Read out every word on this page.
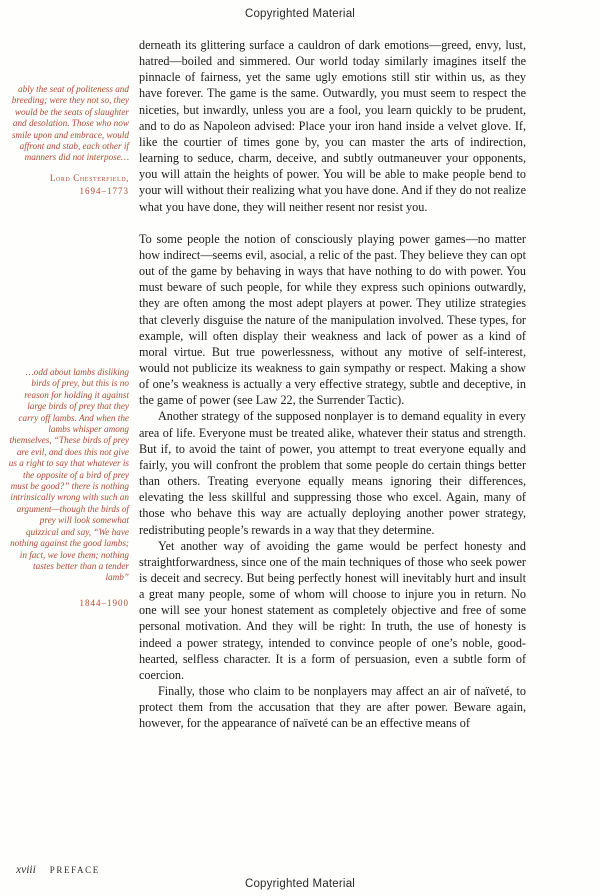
Copyrighted Material
ably the seat of politeness and breeding; were they not so, they would be the seats of slaughter and desolation. Those who now smile upon and embrace, would affront and stab, each other if manners did not interpose…
Lord Chesterfield,
1694–1773
…odd about lambs disliking birds of prey, but this is no reason for holding it against large birds of prey that they carry off lambs. And when the lambs whisper among themselves, “These birds of prey are evil, and does this not give us a right to say that whatever is the opposite of a bird of prey must be good?” there is nothing intrinsically wrong with such an argument—though the birds of prey will look somewhat quizzical and say, “We have nothing against the good lambs; in fact, we love them; nothing tastes better than a tender lamb”
1844–1900

derneath its glittering surface a cauldron of dark emotions—greed, envy, lust, hatred—boiled and simmered. Our world today similarly imagines itself the pinnacle of fairness, yet the same ugly emotions still stir within us, as they have forever. The game is the same. Outwardly, you must seem to respect the niceties, but inwardly, unless you are a fool, you learn quickly to be prudent, and to do as Napoleon advised: Place your iron hand inside a velvet glove. If, like the courtier of times gone by, you can master the arts of indirection, learning to seduce, charm, deceive, and subtly outmaneuver your opponents, you will attain the heights of power. You will be able to make people bend to your will without their realizing what you have done. And if they do not realize what you have done, they will neither resent nor resist you.

To some people the notion of consciously playing power games—no matter how indirect—seems evil, asocial, a relic of the past. They believe they can opt out of the game by behaving in ways that have nothing to do with power. You must beware of such people, for while they express such opinions outwardly, they are often among the most adept players at power. They utilize strategies that cleverly disguise the nature of the manipulation involved. These types, for example, will often display their weakness and lack of power as a kind of moral virtue. But true powerlessness, without any motive of self-interest, would not publicize its weakness to gain sympathy or respect. Making a show of one’s weakness is actually a very effective strategy, subtle and deceptive, in the game of power (see Law 22, the Surrender Tactic).

Another strategy of the supposed nonplayer is to demand equality in every area of life. Everyone must be treated alike, whatever their status and strength. But if, to avoid the taint of power, you attempt to treat everyone equally and fairly, you will confront the problem that some people do certain things better than others. Treating everyone equally means ignoring their differences, elevating the less skillful and suppressing those who excel. Again, many of those who behave this way are actually deploying another power strategy, redistributing people’s rewards in a way that they determine.

Yet another way of avoiding the game would be perfect honesty and straightforwardness, since one of the main techniques of those who seek power is deceit and secrecy. But being perfectly honest will inevitably hurt and insult a great many people, some of whom will choose to injure you in return. No one will see your honest statement as completely objective and free of some personal motivation. And they will be right: In truth, the use of honesty is indeed a power strategy, intended to convince people of one’s noble, good-hearted, selfless character. It is a form of persuasion, even a subtle form of coercion.

Finally, those who claim to be nonplayers may affect an air of naïveté, to protect them from the accusation that they are after power. Beware again, however, for the appearance of naïveté can be an effective means of

xviii PREFACE
Copyrighted Material
